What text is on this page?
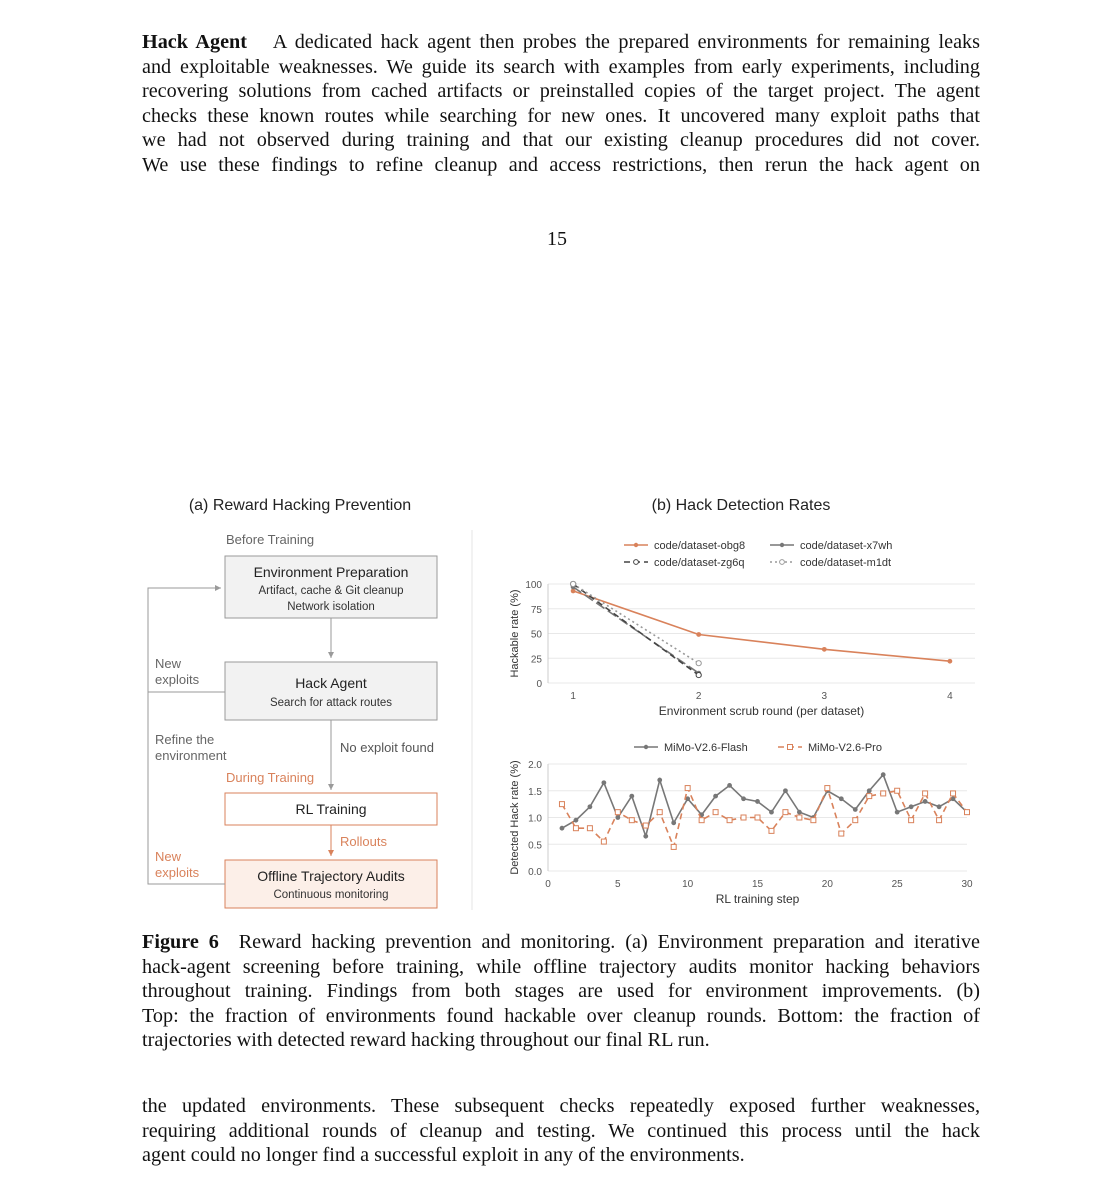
Hack Agent A dedicated hack agent then probes the prepared environments for remaining leaks
and exploitable weaknesses. We guide its search with examples from early experiments, including
recovering solutions from cached artifacts or preinstalled copies of the target project. The agent
checks these known routes while searching for new ones. It uncovered many exploit paths that
we had not observed during training and that our existing cleanup procedures did not cover.
We use these findings to refine cleanup and access restrictions, then rerun the hack agent on
15
(a) Reward Hacking Prevention
Before Training
Environment Preparation
Artifact, cache & Git cleanup
Network isolation
Hack Agent
Search for attack routes
New
exploits
Refine the
environment
No exploit found
During Training
RL Training
Rollouts
Offline Trajectory Audits
Continuous monitoring
New
exploits
(b) Hack Detection Rates
0
25
50
75
100
1	2	3	4
Environment scrub round (per dataset)
Hackable rate (%)
code/dataset-obg8	code/dataset-x7wh
code/dataset-zg6q	code/dataset-m1dt
0.0
0.5
1.0
1.5
2.0
0	5	10	15	20	25	30
RL training step
Detected Hack rate (%)
MiMo-V2.6-Flash	MiMo-V2.6-Pro
Figure 6 Reward hacking prevention and monitoring. (a) Environment preparation and iterative
hack-agent screening before training, while offline trajectory audits monitor hacking behaviors
throughout training. Findings from both stages are used for environment improvements. (b)
Top: the fraction of environments found hackable over cleanup rounds. Bottom: the fraction of
trajectories with detected reward hacking throughout our final RL run.
the updated environments. These subsequent checks repeatedly exposed further weaknesses,
requiring additional rounds of cleanup and testing. We continued this process until the hack
agent could no longer find a successful exploit in any of the environments.
